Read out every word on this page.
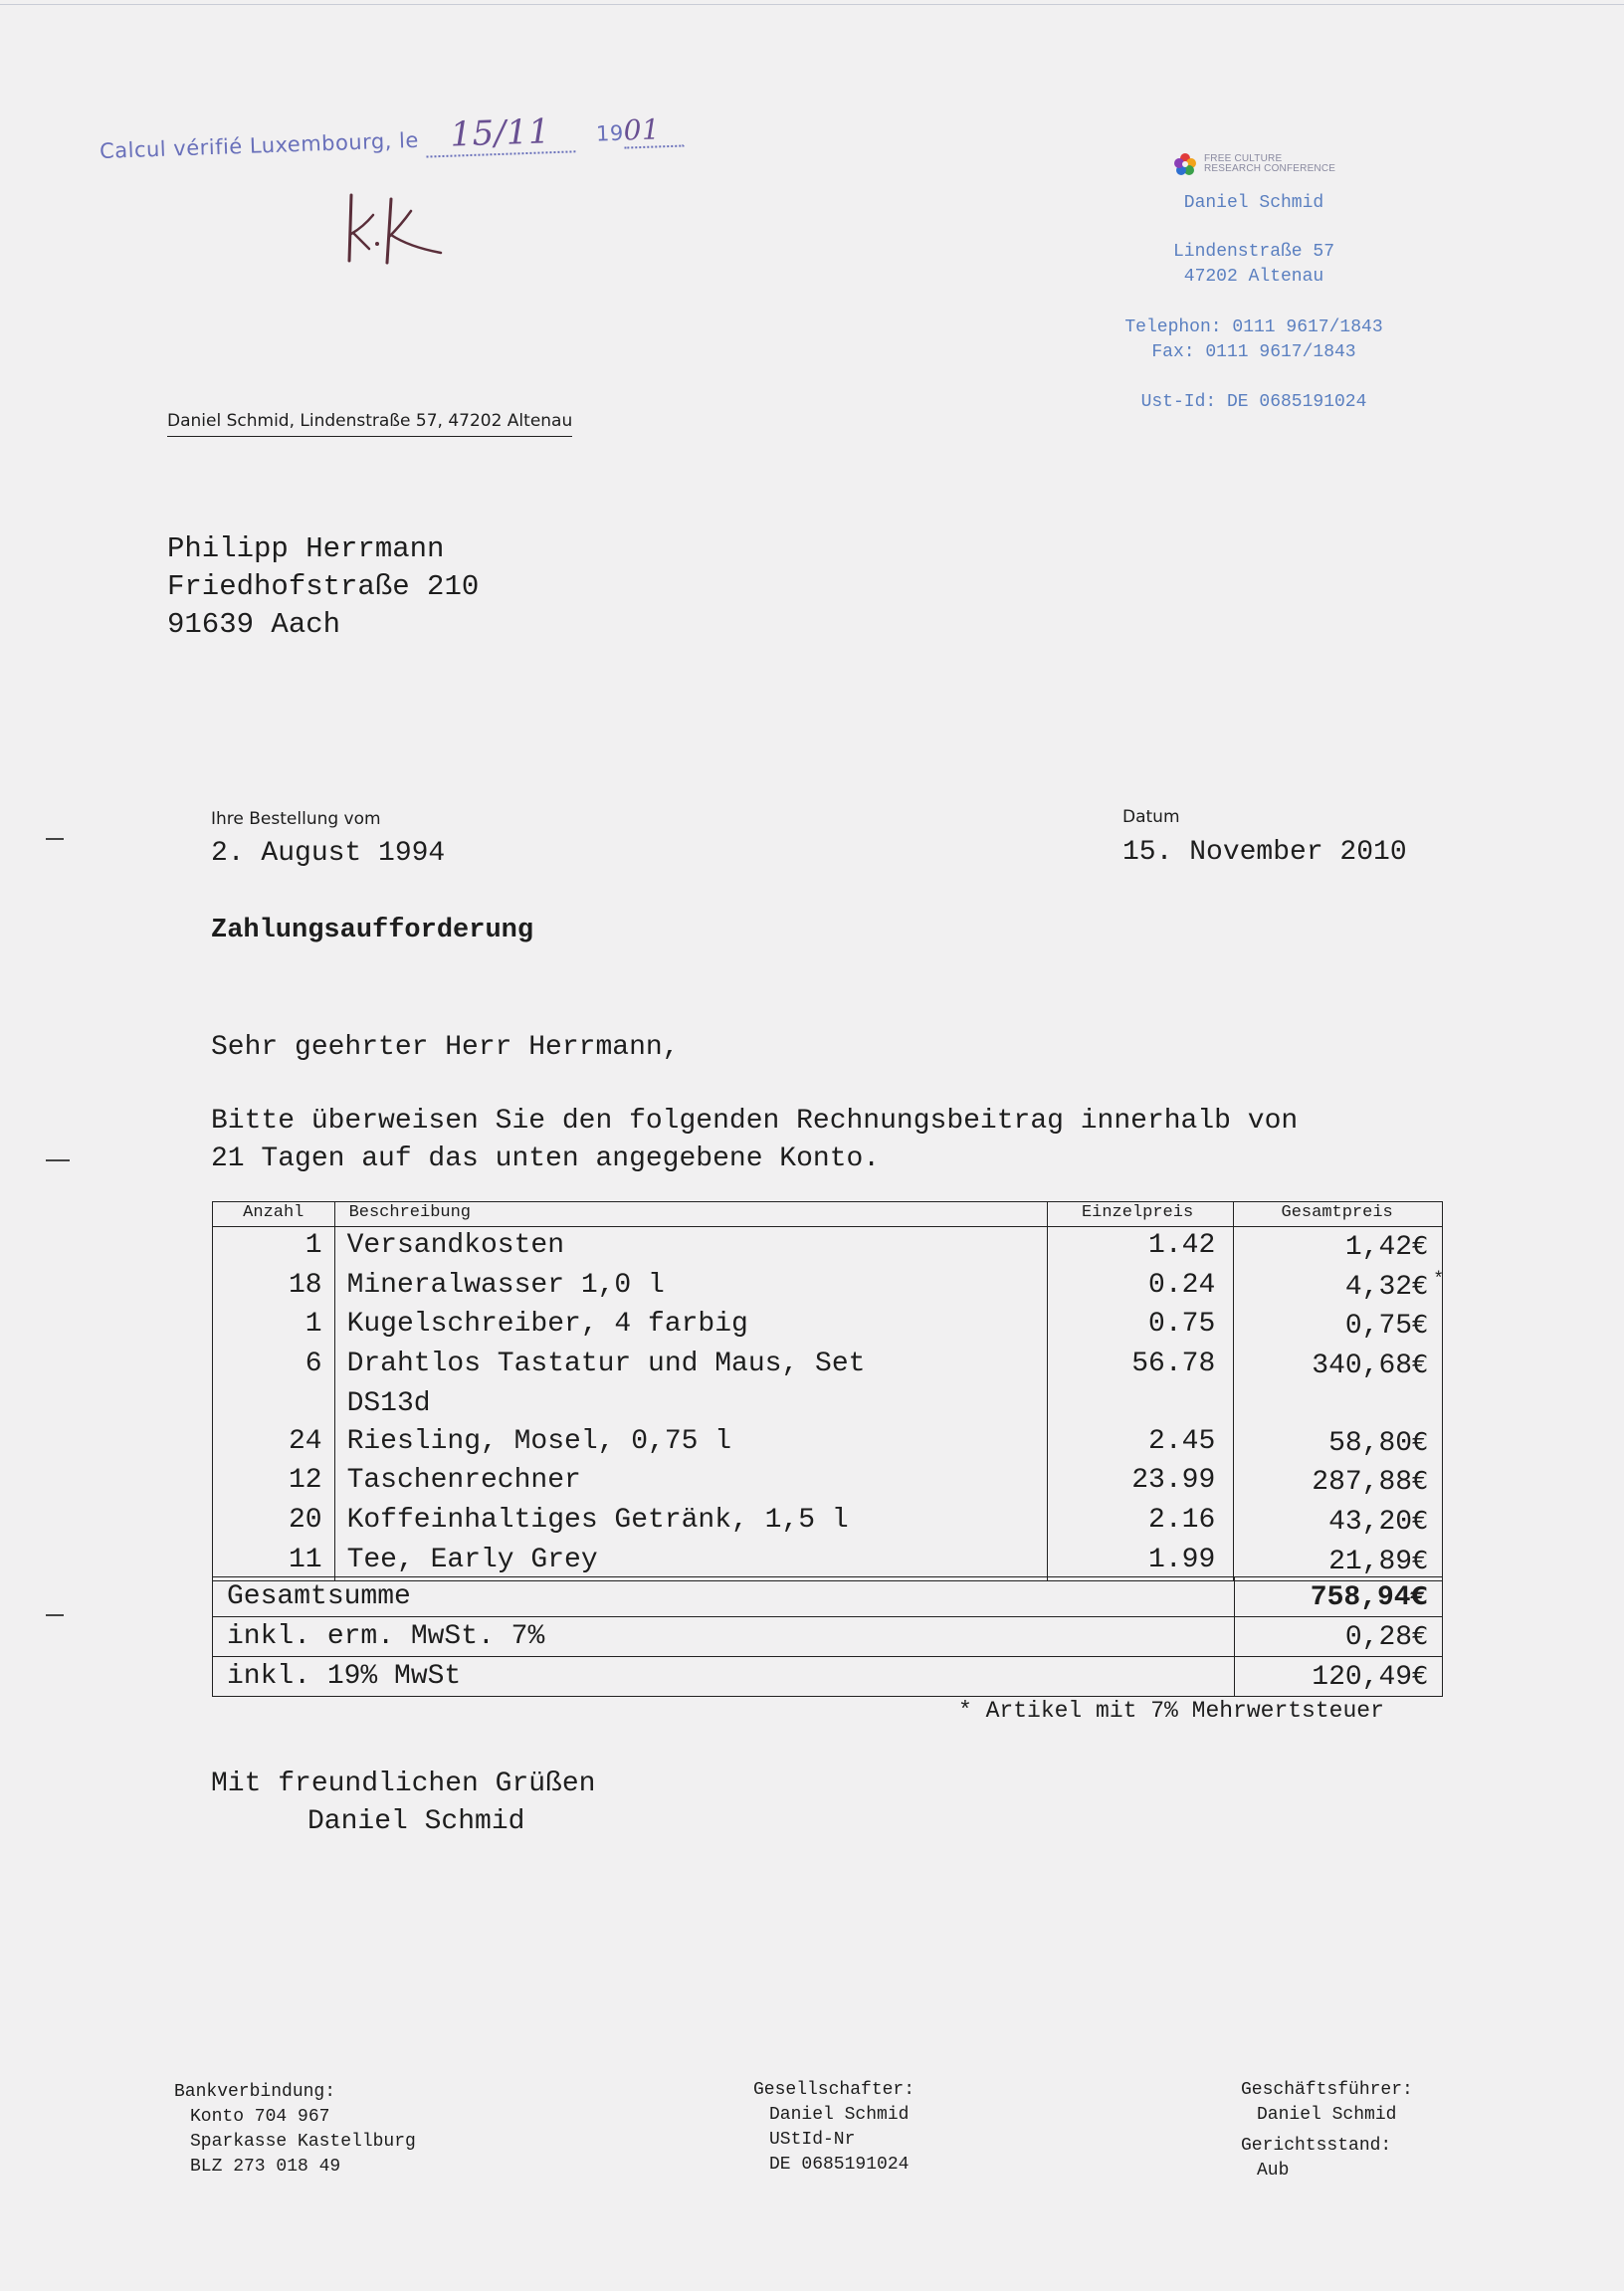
Calcul vérifié Luxembourg, le 15/11 1901
FREE CULTURE
RESEARCH CONFERENCE
Daniel Schmid
Lindenstraße 57
47202 Altenau
Telephon: 0111 9617/1843
Fax: 0111 9617/1843
Ust-Id: DE 0685191024
Daniel Schmid, Lindenstraße 57, 47202 Altenau
Philipp Herrmann
Friedhofstraße 210
91639 Aach
Ihre Bestellung vom
2. August 1994
Datum
15. November 2010
Zahlungsaufforderung
Sehr geehrter Herr Herrmann,
Bitte überweisen Sie den folgenden Rechnungsbeitrag innerhalb von
21 Tagen auf das unten angegebene Konto.
Anzahl	Beschreibung	Einzelpreis	Gesamtpreis
1	Versandkosten	1.42	1,42€
18	Mineralwasser 1,0 l	0.24	4,32€ *

1	Kugelschreiber, 4 farbig	0.75	0,75€
6	Drahtlos Tastatur und Maus, Set	56.78	340,68€
	DS13d		
24	Riesling, Mosel, 0,75 l	2.45	58,80€
12	Taschenrechner	23.99	287,88€
20	Koffeinhaltiges Getränk, 1,5 l	2.16	43,20€
11	Tee, Early Grey	1.99	21,89€
Gesamtsumme	758,94€
inkl. erm. MwSt. 7%	0,28€
inkl. 19% MwSt	120,49€
* Artikel mit 7% Mehrwertsteuer
Mit freundlichen Grüßen
Daniel Schmid
Bankverbindung:
Konto 704 967
Sparkasse Kastellburg
BLZ 273 018 49
Gesellschafter:
Daniel Schmid
UStId-Nr
DE 0685191024
Geschäftsführer:
Daniel Schmid
Gerichtsstand:
Aub
